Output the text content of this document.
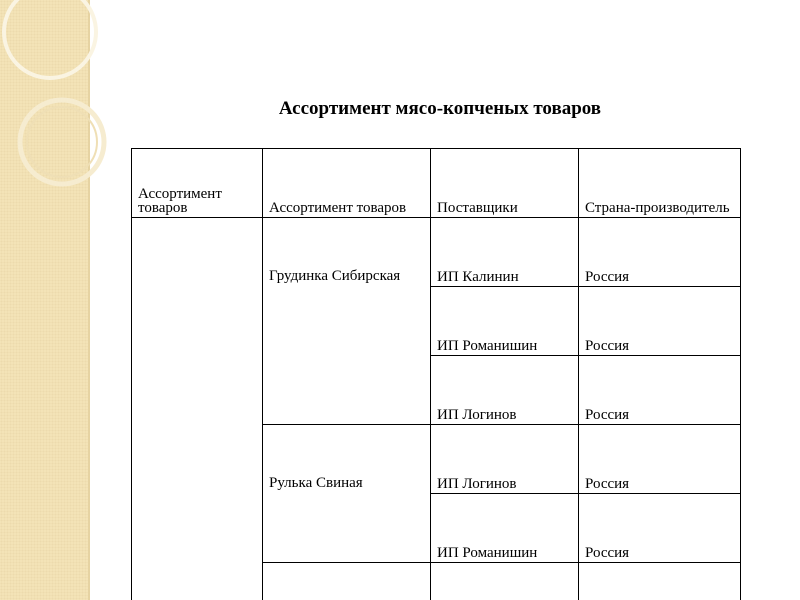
Ассортимент мясо-копченых товаров
Ассортимент товаров	Ассортимент товаров	Поставщики	Страна-производитель
	Грудинка Сибирская	ИП Калинин	Россия
		ИП Романишин	Россия
		ИП Логинов	Россия
	Рулька Свиная	ИП Логинов	Россия
		ИП Романишин	Россия
